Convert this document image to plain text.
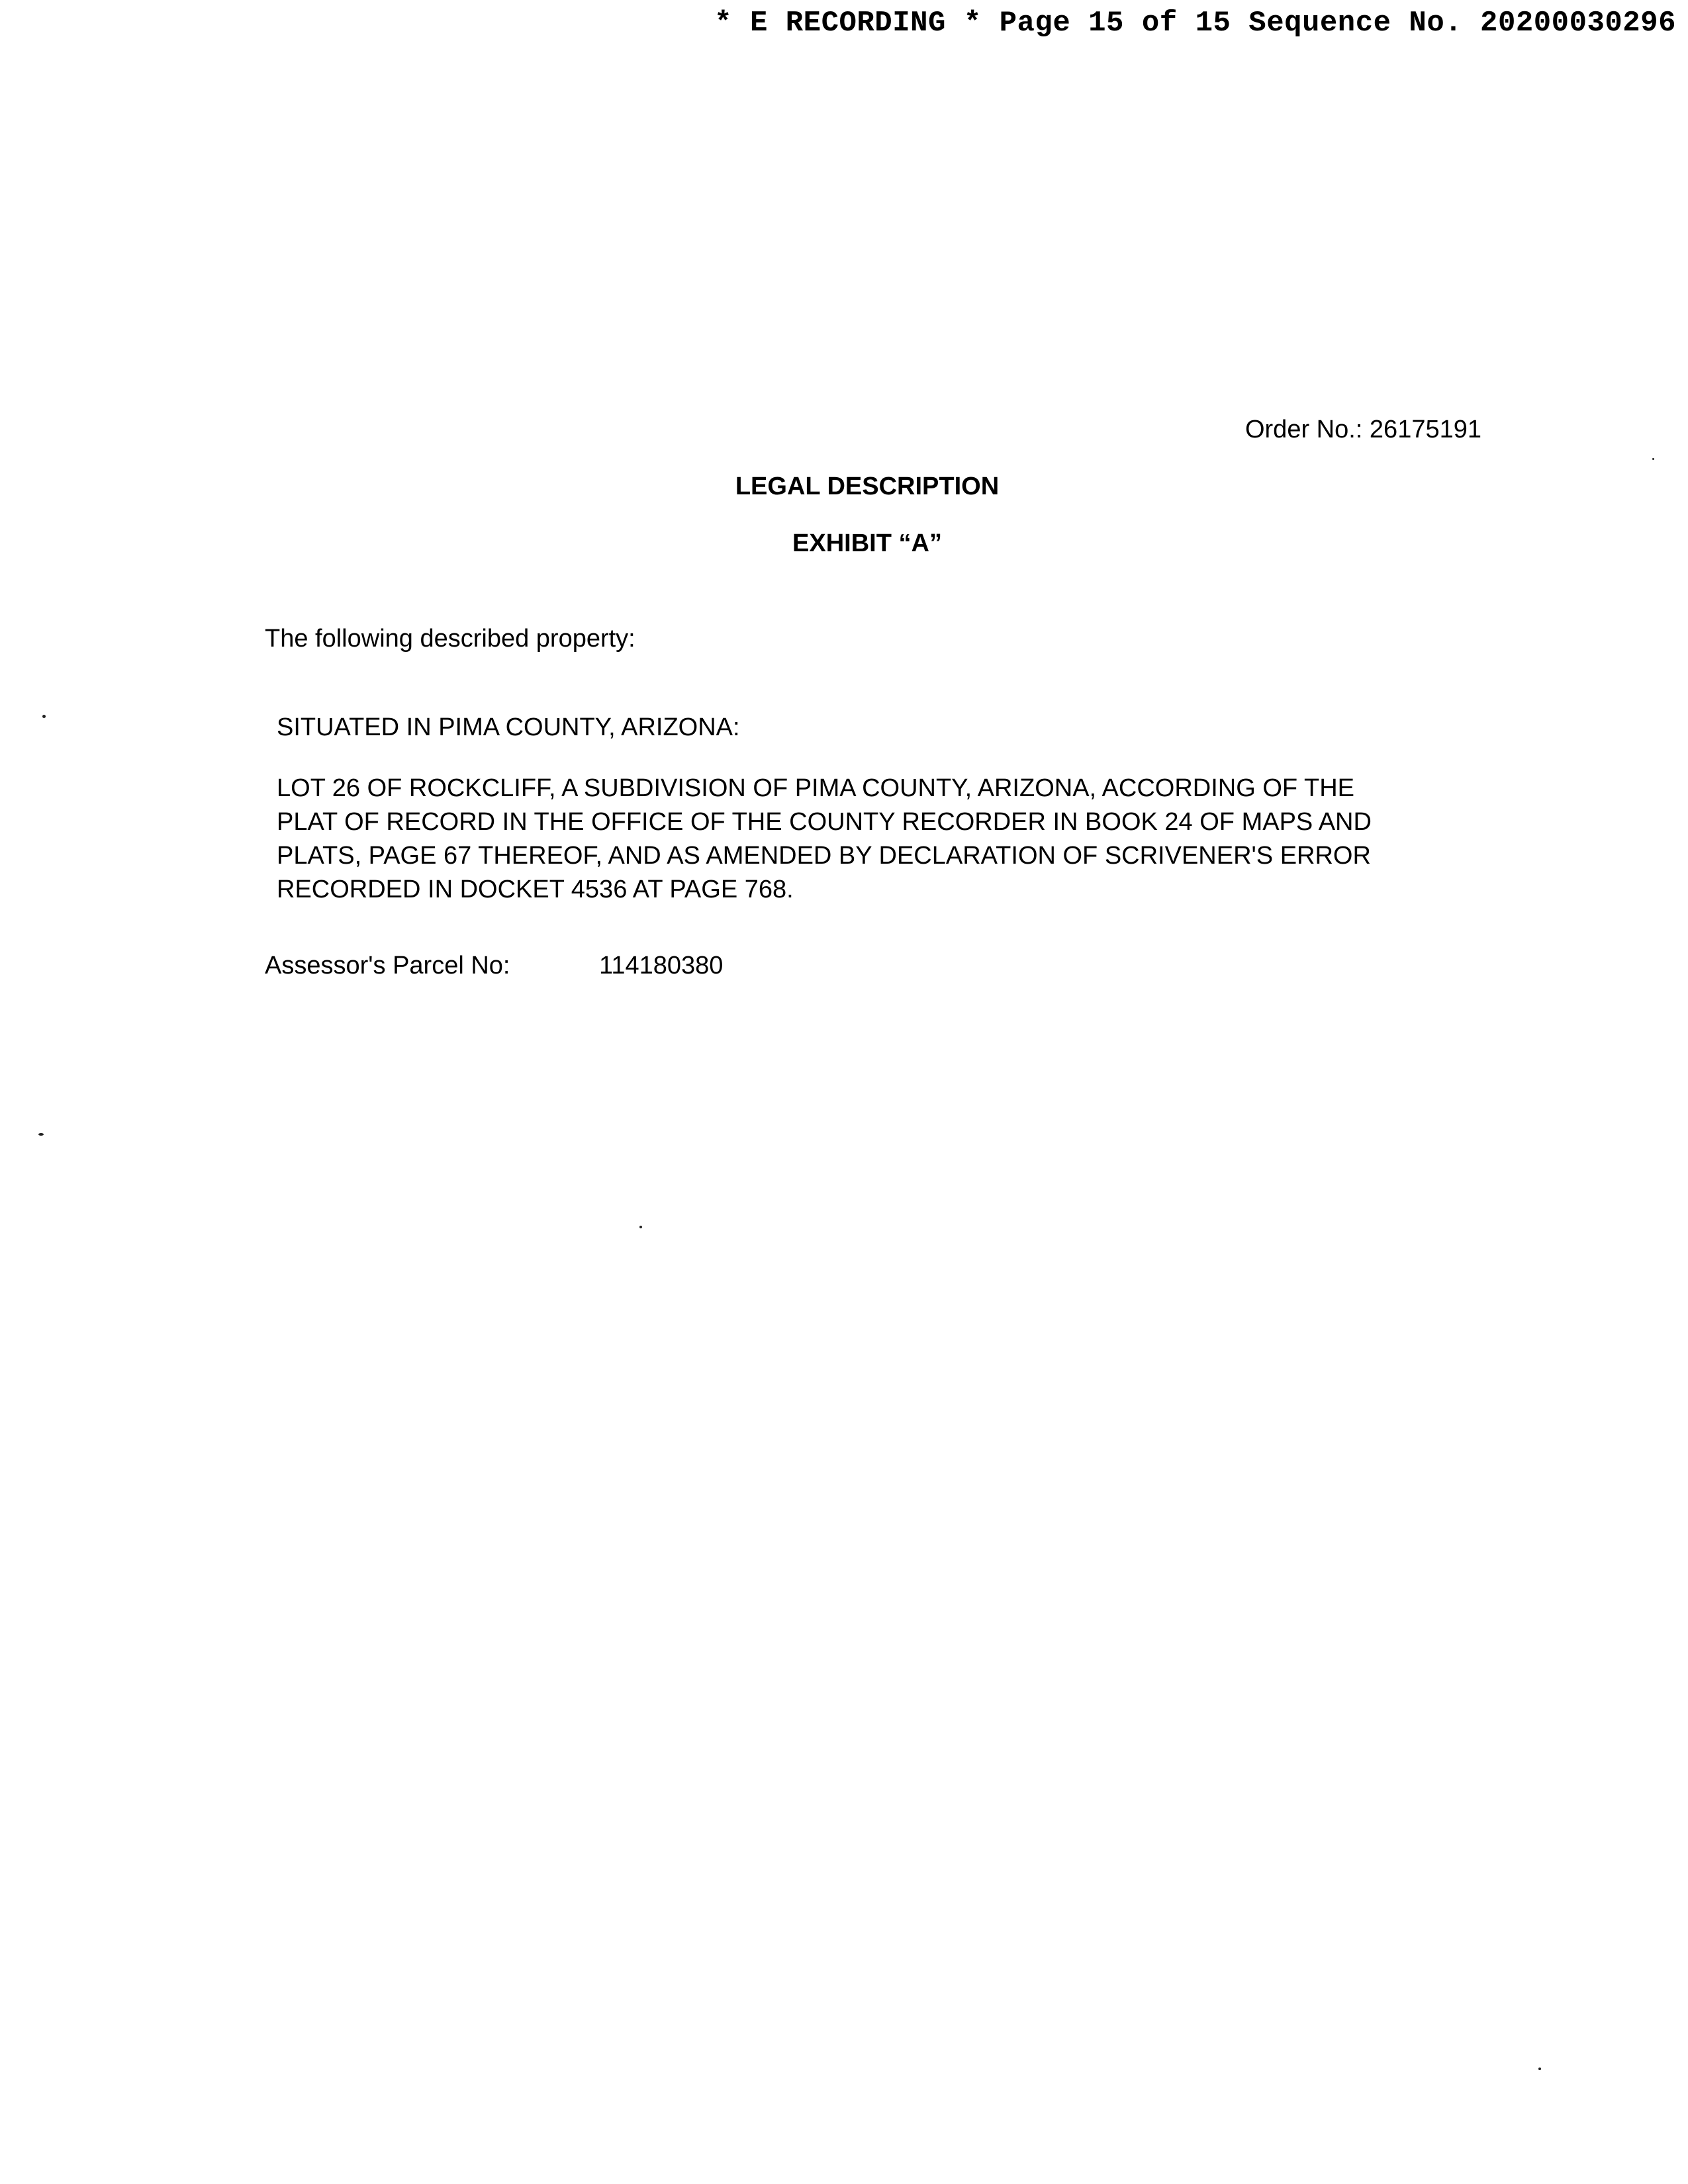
* E RECORDING * Page 15 of 15 Sequence No. 20200030296
Order No.: 26175191
LEGAL DESCRIPTION
EXHIBIT “A”
The following described property:
SITUATED IN PIMA COUNTY, ARIZONA:
LOT 26 OF ROCKCLIFF, A SUBDIVISION OF PIMA COUNTY, ARIZONA, ACCORDING OF THE
PLAT OF RECORD IN THE OFFICE OF THE COUNTY RECORDER IN BOOK 24 OF MAPS AND
PLATS, PAGE 67 THEREOF, AND AS AMENDED BY DECLARATION OF SCRIVENER'S ERROR
RECORDED IN DOCKET 4536 AT PAGE 768.
Assessor's Parcel No:	114180380
